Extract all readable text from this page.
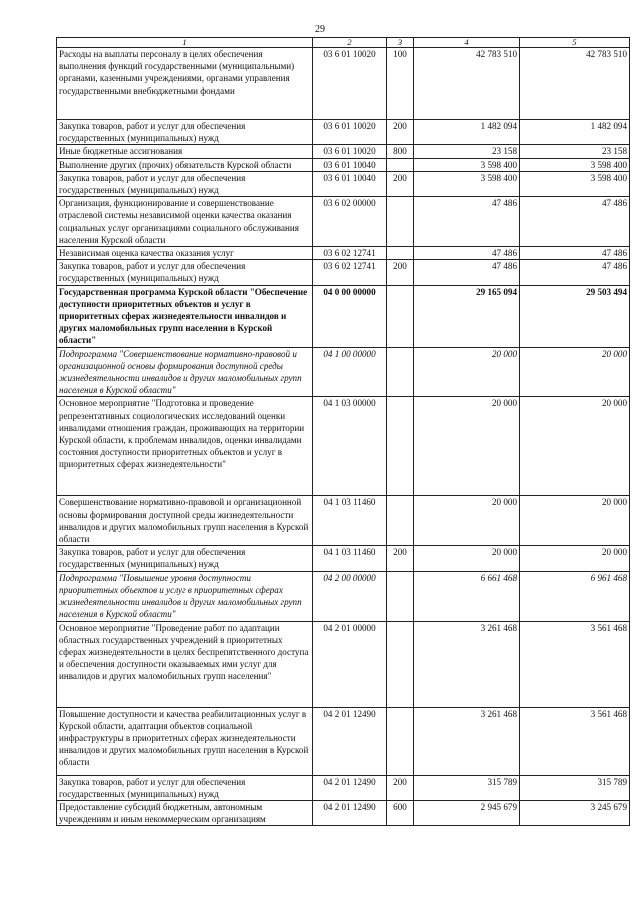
29
1	2	3	4	5
Расходы на выплаты персоналу в целях обеспечения выполнения функций государственными (муниципальными) органами, казенными учреждениями, органами управления государственными внебюджетными фондами	03 6 01 10020	100	42 783 510	42 783 510
Закупка товаров, работ и услуг для обеспечения государственных (муниципальных) нужд	03 6 01 10020	200	1 482 094	1 482 094
Иные бюджетные ассигнования	03 6 01 10020	800	23 158	23 158
Выполнение других (прочих) обязательств Курской области	03 6 01 10040		3 598 400	3 598 400
Закупка товаров, работ и услуг для обеспечения государственных (муниципальных) нужд	03 6 01 10040	200	3 598 400	3 598 400
Организация, функционирование и совершенствование отраслевой системы независимой оценки качества оказания социальных услуг организациями социального обслуживания населения Курской области	03 6 02 00000		47 486	47 486
Независимая оценка качества оказания услуг	03 6 02 12741		47 486	47 486
Закупка товаров, работ и услуг для обеспечения государственных (муниципальных) нужд	03 6 02 12741	200	47 486	47 486
Государственная программа Курской области "Обеспечение доступности приоритетных объектов и услуг в приоритетных сферах жизнедеятельности инвалидов и других маломобильных групп населения в Курской области"	04 0 00 00000		29 165 094	29 503 494
Подпрограмма "Совершенствование нормативно-правовой и организационной основы формирования доступной среды жизнедеятельности инвалидов и других маломобильных групп населения в Курской области"	04 1 00 00000		20 000	20 000
Основное мероприятие "Подготовка и проведение репрезентативных социологических исследований оценки инвалидами отношения граждан, проживающих на территории Курской области, к проблемам инвалидов, оценки инвалидами состояния доступности приоритетных объектов и услуг в приоритетных сферах жизнедеятельности"	04 1 03 00000		20 000	20 000
Совершенствование нормативно-правовой и организационной основы формирования доступной среды жизнедеятельности инвалидов и других маломобильных групп населения в Курской области	04 1 03 11460		20 000	20 000
Закупка товаров, работ и услуг для обеспечения государственных (муниципальных) нужд	04 1 03 11460	200	20 000	20 000
Подпрограмма "Повышение уровня доступности приоритетных объектов и услуг в приоритетных сферах жизнедеятельности инвалидов и других маломобильных групп населения в Курской области"	04 2 00 00000		6 661 468	6 961 468
Основное мероприятие "Проведение работ по адаптации областных государственных учреждений в приоритетных сферах жизнедеятельности в целях беспрепятственного доступа и обеспечения доступности оказываемых ими услуг для инвалидов и других маломобильных групп населения"	04 2 01 00000		3 261 468	3 561 468
Повышение доступности и качества реабилитационных услуг в Курской области, адаптация объектов социальной инфраструктуры в приоритетных сферах жизнедеятельности инвалидов и других маломобильных групп населения в Курской области	04 2 01 12490		3 261 468	3 561 468
Закупка товаров, работ и услуг для обеспечения государственных (муниципальных) нужд	04 2 01 12490	200	315 789	315 789
Предоставление субсидий бюджетным, автономным учреждениям и иным некоммерческим организациям	04 2 01 12490	600	2 945 679	3 245 679
